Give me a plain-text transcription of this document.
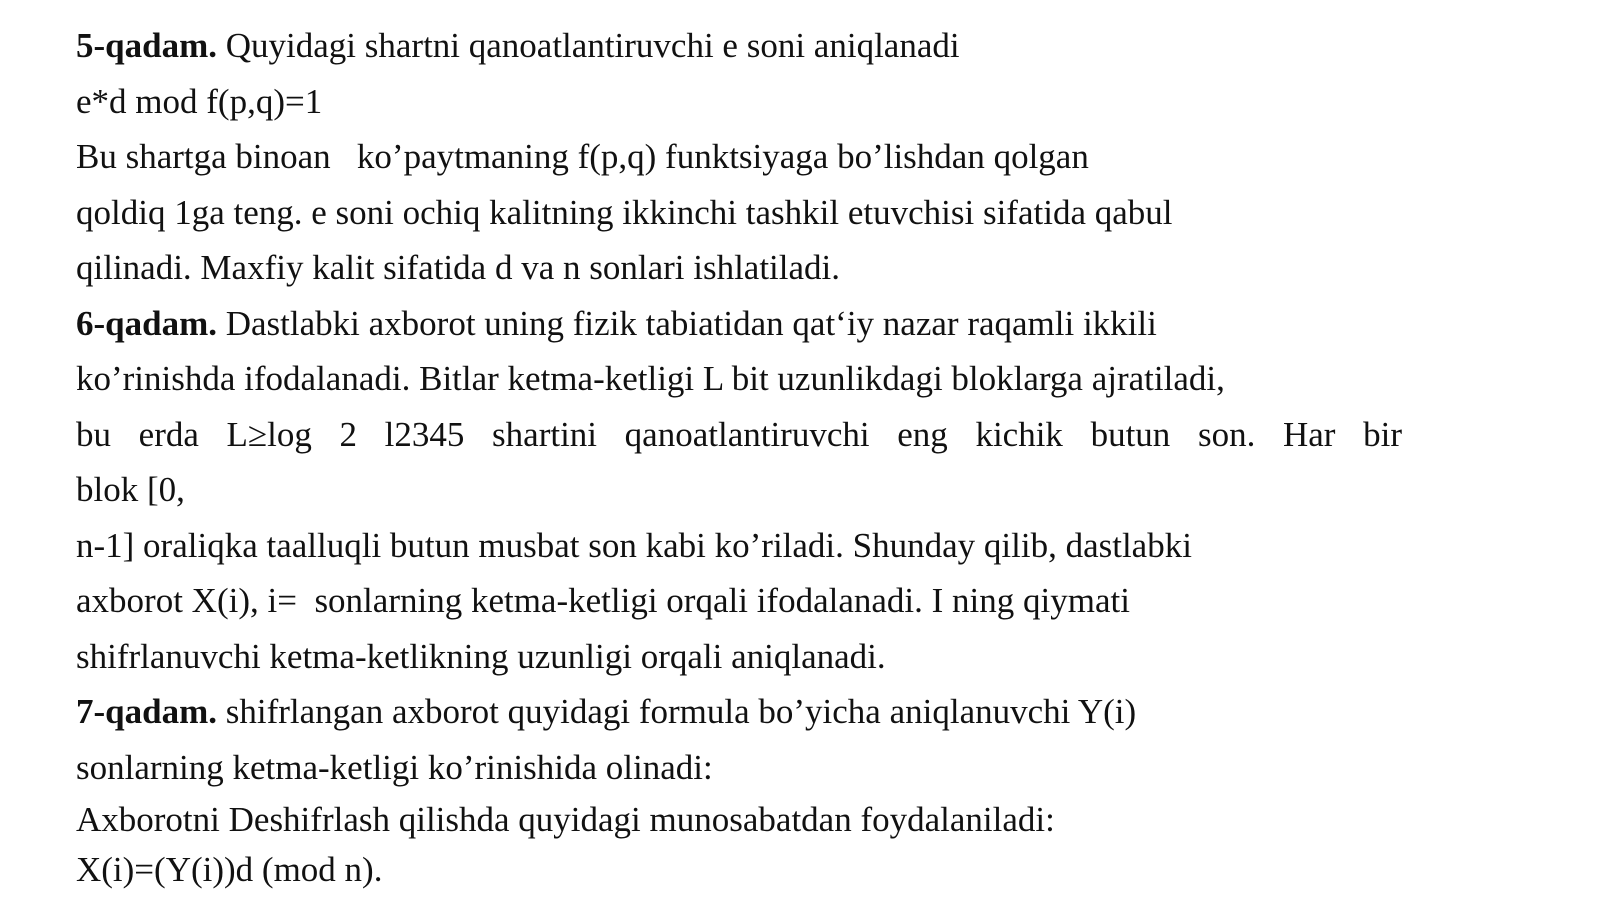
5-qadam. Quyidagi shartni qanoatlantiruvchi e soni aniqlanadi

e*d mod f(p,q)=1

Bu shartga binoan   ko’paytmaning f(p,q) funktsiyaga bo’lishdan qolgan

qoldiq 1ga teng. e soni ochiq kalitning ikkinchi tashkil etuvchisi sifatida qabul

qilinadi. Maxfiy kalit sifatida d va n sonlari ishlatiladi.

6-qadam. Dastlabki axborot uning fizik tabiatidan qat‘iy nazar raqamli ikkili

ko’rinishda ifodalanadi. Bitlar ketma-ketligi L bit uzunlikdagi bloklarga ajratiladi,

bu erda L≥log 2 l2345 shartini qanoatlantiruvchi eng kichik butun son. Har bir

blok [0,

n-1] oraliqka taalluqli butun musbat son kabi ko’riladi. Shunday qilib, dastlabki

axborot X(i), i=  sonlarning ketma-ketligi orqali ifodalanadi. I ning qiymati

shifrlanuvchi ketma-ketlikning uzunligi orqali aniqlanadi.

7-qadam. shifrlangan axborot quyidagi formula bo’yicha aniqlanuvchi Y(i)

sonlarning ketma-ketligi ko’rinishida olinadi:

Axborotni Deshifrlash qilishda quyidagi munosabatdan foydalaniladi:

X(i)=(Y(i))d (mod n).
